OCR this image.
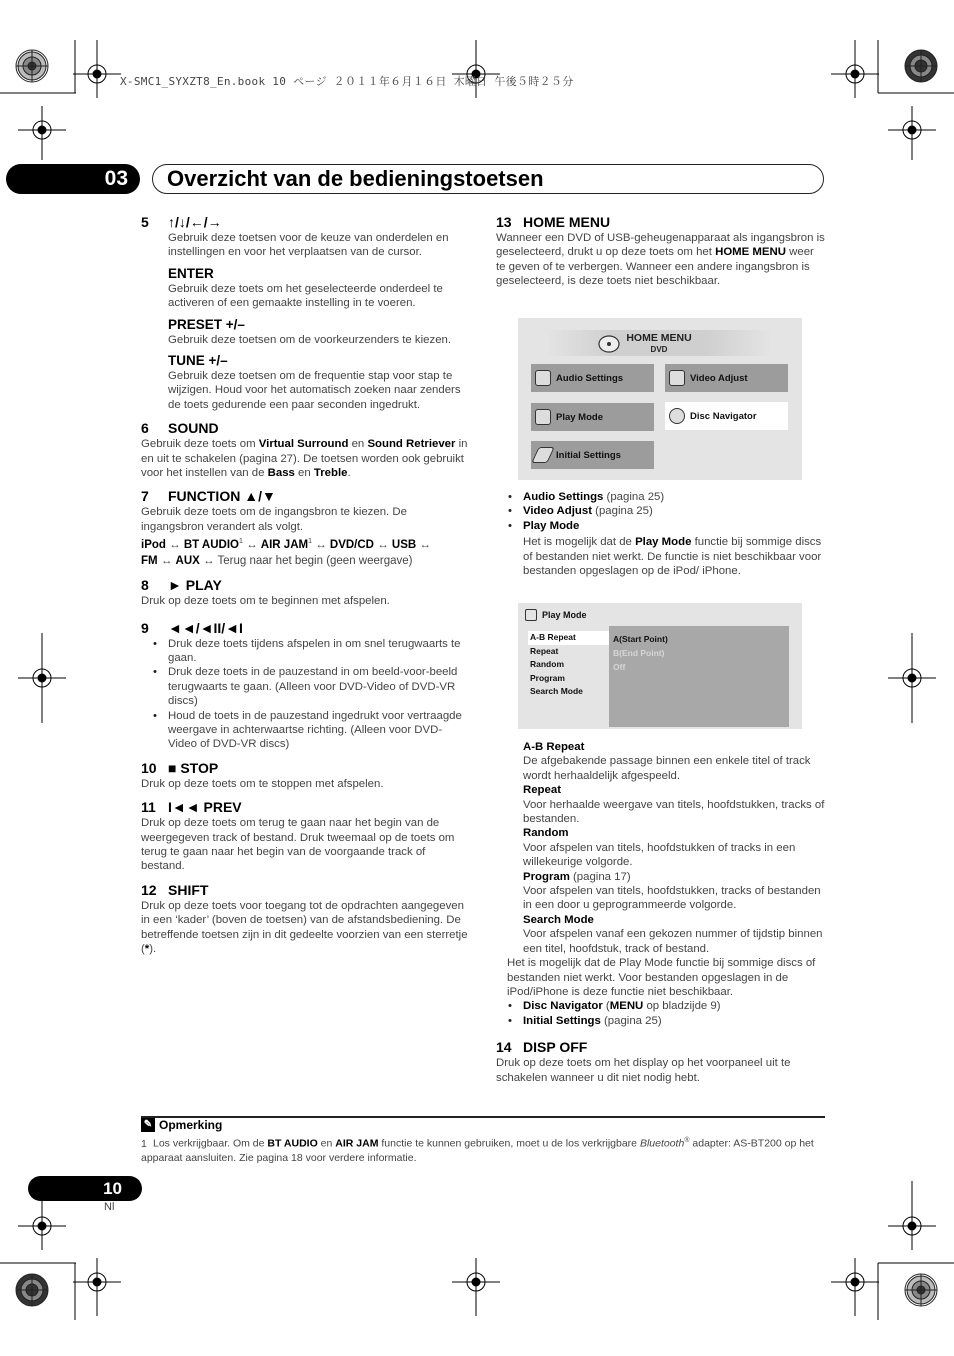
X-SMC1_SYXZT8_En.book 10 ページ ２０１１年６月１６日 木曜日 午後５時２５分
03	Overzicht van de bedieningstoetsen
5 ↑/↓/←/→

Gebruik deze toetsen voor de keuze van onderdelen en instellingen en voor het verplaatsen van de cursor.

ENTER

Gebruik deze toets om het geselecteerde onderdeel te activeren of een gemaakte instelling in te voeren.

PRESET +/–

Gebruik deze toetsen om de voorkeurzenders te kiezen.

TUNE +/–

Gebruik deze toetsen om de frequentie stap voor stap te wijzigen. Houd voor het automatisch zoeken naar zenders de toets gedurende een paar seconden ingedrukt.

6 SOUND

Gebruik deze toets om Virtual Surround en Sound Retriever in en uit te schakelen (pagina 27). De toetsen worden ook gebruikt voor het instellen van de Bass en Treble.

7 FUNCTION ▲/▼

Gebruik deze toets om de ingangsbron te kiezen. De ingangsbron verandert als volgt.

iPod ↔ BT AUDIO$^1$ ↔ AIR JAM$^1$ ↔ DVD/CD ↔ USB ↔
FM ↔ AUX ↔ Terug naar het begin (geen weergave)
8 ► PLAY

Druk op deze toets om te beginnen met afspelen.

9 ◄◄/◄II/◄I
• Druk deze toets tijdens afspelen in om snel terugwaarts te gaan.
• Druk deze toets in de pauzestand in om beeld-voor-beeld terugwaarts te gaan. (Alleen voor DVD-Video of DVD-VR discs)
• Houd de toets in de pauzestand ingedrukt voor vertraagde weergave in achterwaartse richting. (Alleen voor DVD-Video of DVD-VR discs)
10 ■ STOP

Druk op deze toets om te stoppen met afspelen.

11 I◄◄ PREV

Druk op deze toets om terug te gaan naar het begin van de weergegeven track of bestand. Druk tweemaal op de toets om terug te gaan naar het begin van de voorgaande track of bestand.

12 SHIFT

Druk op deze toets voor toegang tot de opdrachten aangegeven in een ‘kader’ (boven de toetsen) van de afstandsbediening. De betreffende toetsen zijn in dit gedeelte voorzien van een sterretje (*).

13 HOME MENU

Wanneer een DVD of USB-geheugenapparaat als ingangsbron is geselecteerd, drukt u op deze toets om het HOME MENU weer te geven of te verbergen. Wanneer een andere ingangsbron is geselecteerd, is deze toets niet beschikbaar.

HOME MENU
DVD
Audio Settings	Video Adjust
Play Mode	Disc Navigator
Initial Settings
• Audio Settings (pagina 25)
• Video Adjust (pagina 25)
• Play Mode

Het is mogelijk dat de Play Mode functie bij sommige discs of bestanden niet werkt. De functie is niet beschikbaar voor bestanden opgeslagen op de iPod/ iPhone.

Play Mode
A-B Repeat
Repeat
Random
Program
Search Mode
A(Start Point)
B(End Point)
Off
A-B Repeat

De afgebakende passage binnen een enkele titel of track wordt herhaaldelijk afgespeeld.

Repeat

Voor herhaalde weergave van titels, hoofdstukken, tracks of bestanden.

Random

Voor afspelen van titels, hoofdstukken of tracks in een willekeurige volgorde.

Program (pagina 17)

Voor afspelen van titels, hoofdstukken, tracks of bestanden in een door u geprogrammeerde volgorde.

Search Mode

Voor afspelen vanaf een gekozen nummer of tijdstip binnen een titel, hoofdstuk, track of bestand.

Het is mogelijk dat de Play Mode functie bij sommige discs of bestanden niet werkt. Voor bestanden opgeslagen in de iPod/iPhone is deze functie niet beschikbaar.

• Disc Navigator (MENU op bladzijde 9)
• Initial Settings (pagina 25)
14 DISP OFF

Druk op deze toets om het display op het voorpaneel uit te schakelen wanneer u dit niet nodig hebt.

✎ Opmerking
1 Los verkrijgbaar. Om de BT AUDIO en AIR JAM functie te kunnen gebruiken, moet u de los verkrijgbare Bluetooth® adapter: AS-BT200 op het apparaat aansluiten. Zie pagina 18 voor verdere informatie.
10
Nl
